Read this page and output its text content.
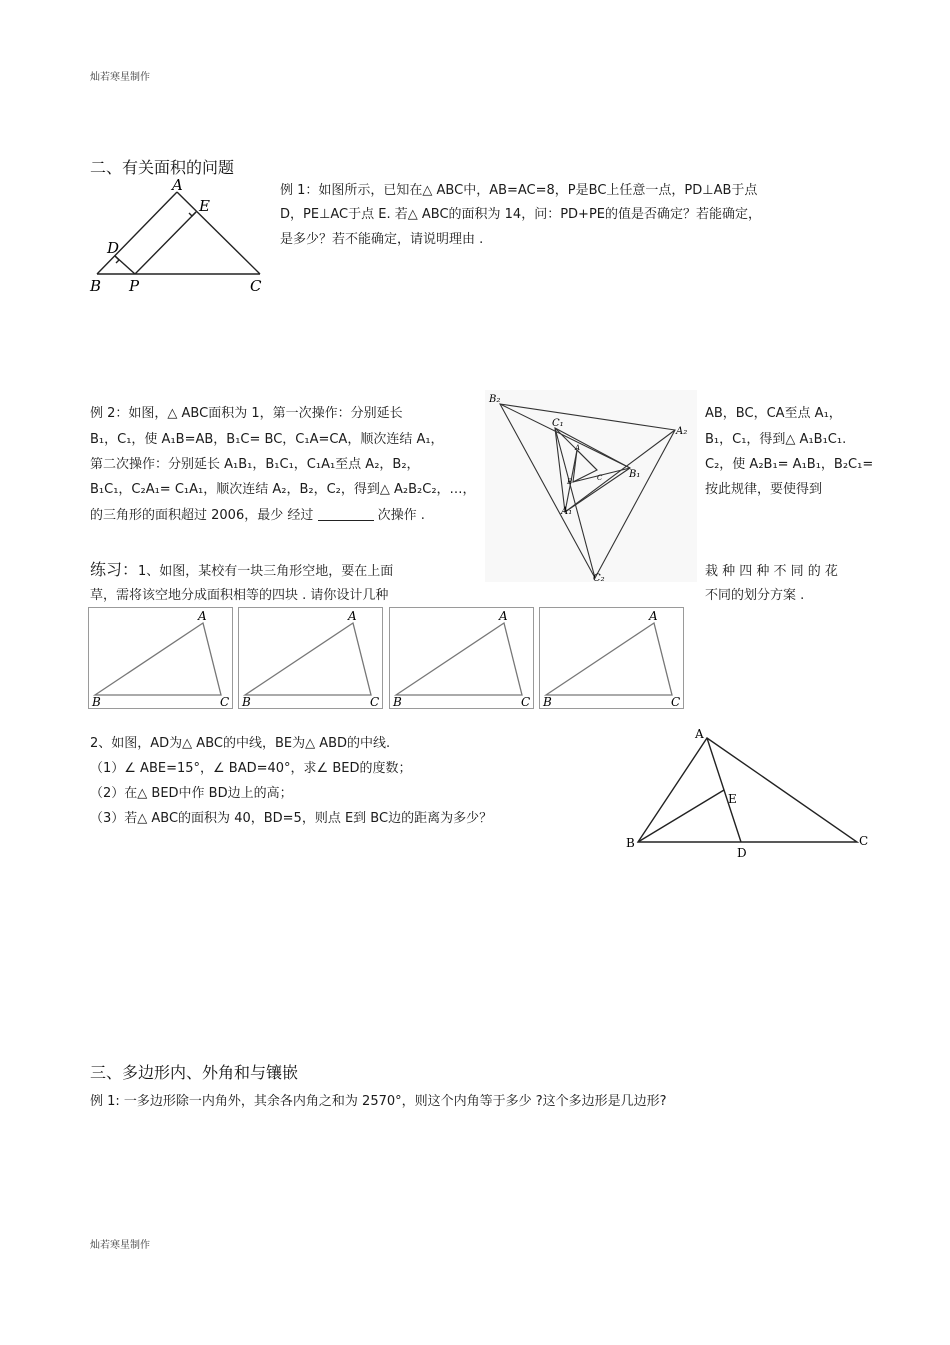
灿若寒星制作
二、有关面积的问题
A
E
D
B P	C
例 1：如图所示，已知在△ ABC中，AB=AC=8，P是BC上任意一点，PD⊥AB于点
D，PE⊥AC于点 E. 若△ ABC的面积为 14，问：PD+PE的值是否确定？若能确定，
是多少？若不能确定，请说明理由 .
例 2：如图，△ ABC面积为 1，第一次操作：分别延长
B₁，C₁，使 A₁B=AB，B₁C= BC，C₁A=CA，顺次连结 A₁，
第二次操作：分别延长 A₁B₁，B₁C₁，C₁A₁至点 A₂，B₂，
B₁C₁，C₂A₁= C₁A₁，顺次连结 A₂，B₂，C₂，得到△ A₂B₂C₂，…，
的三角形的面积超过 2006，最少 经过	次操作 .
AB，BC，CA至点 A₁，
B₁，C₁，得到△ A₁B₁C₁.
C₂，使 A₂B₁= A₁B₁，B₂C₁=
按此规律，要使得到
B₂
C₁
A₂
B₁
A₁
C₂
A
B	C
练习：1、如图，某校有一块三角形空地，要在上面	栽 种 四 种 不 同 的 花
草，需将该空地分成面积相等的四块 . 请你设计几种	不同的划分方案 .
A
B	C
A
B	C
A
B	C
A
B	C
2、如图，AD为△ ABC的中线，BE为△ ABD的中线.
（1）∠ ABE=15°，∠ BAD=40°，求∠ BED的度数；
（2）在△ BED中作 BD边上的高；
（3）若△ ABC的面积为 40，BD=5，则点 E到 BC边的距离为多少？
A
E
B
D
C
三、多边形内、外角和与镶嵌
例 1: 一多边形除一内角外，其余各内角之和为 2570°，则这个内角等于多少 ?这个多边形是几边形?
灿若寒星制作
